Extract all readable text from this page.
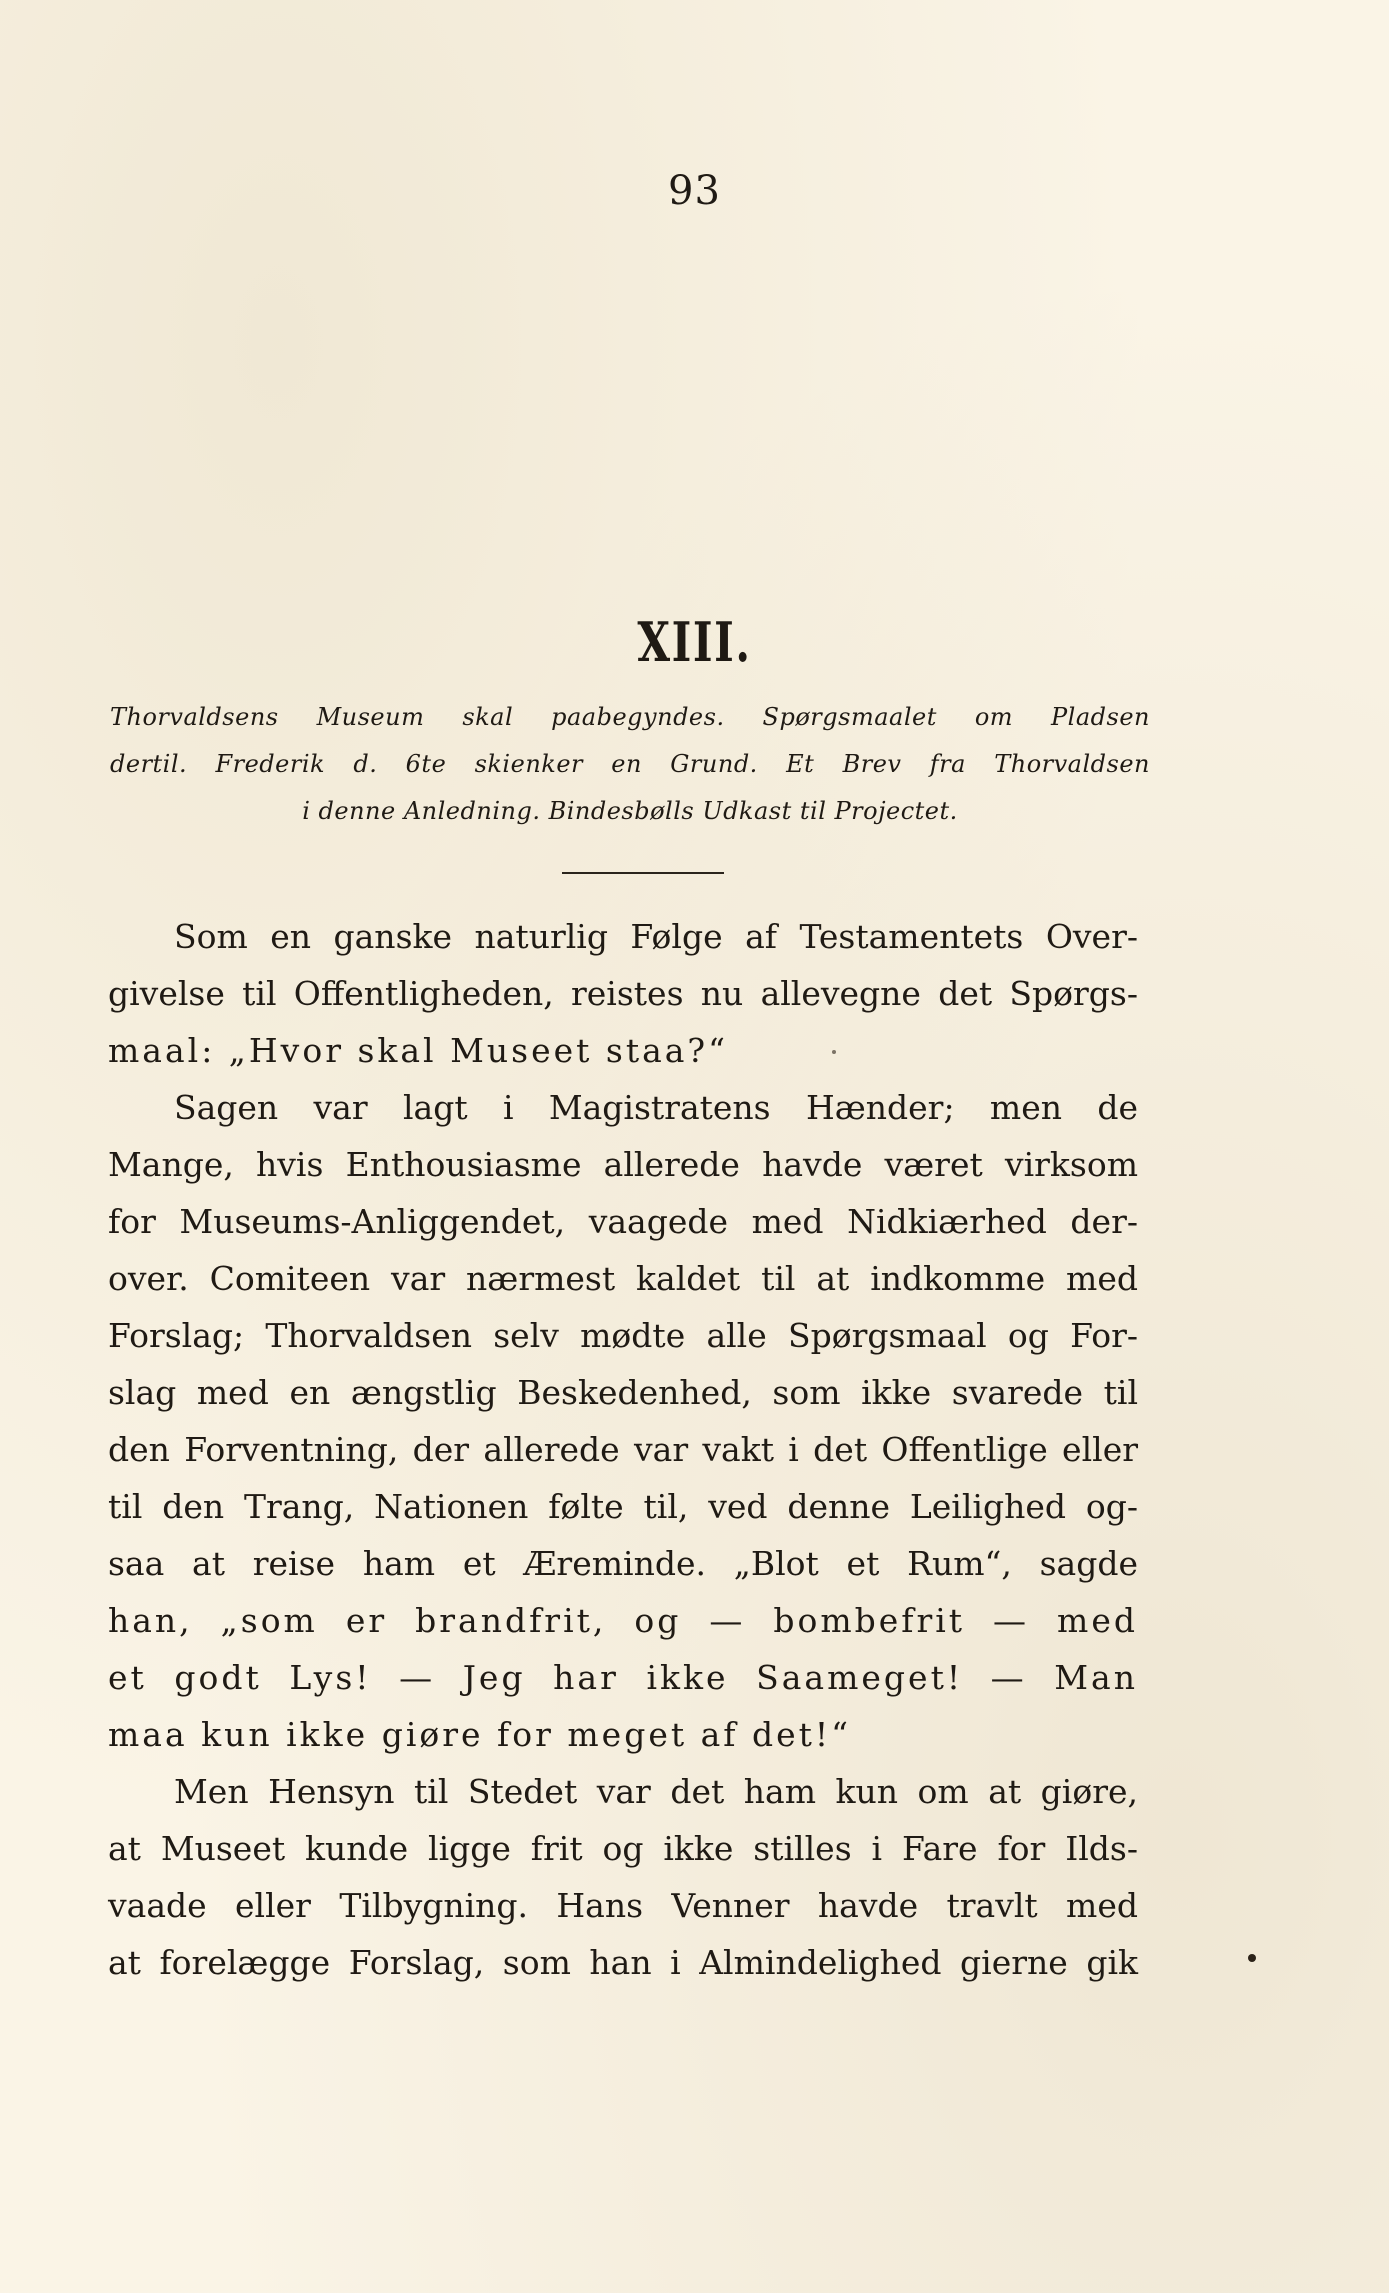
93
XIII.
Thorvaldsens Museum skal paabegyndes. Spørgsmaalet om Pladsen
dertil. Frederik d. 6te skienker en Grund. Et Brev fra Thorvaldsen
i denne Anledning. Bindesbølls Udkast til Projectet.
Som en ganske naturlig Følge af Testamentets Over-
givelse til Offentligheden, reistes nu allevegne det Spørgs-
maal: „Hvor skal Museet staa?“
Sagen var lagt i Magistratens Hænder; men de
Mange, hvis Enthousiasme allerede havde været virksom
for Museums-Anliggendet, vaagede med Nidkiærhed der-
over. Comiteen var nærmest kaldet til at indkomme med
Forslag; Thorvaldsen selv mødte alle Spørgsmaal og For-
slag med en ængstlig Beskedenhed, som ikke svarede til
den Forventning, der allerede var vakt i det Offentlige eller
til den Trang, Nationen følte til, ved denne Leilighed og-
saa at reise ham et Æreminde. „Blot et Rum“, sagde
han, „som er brandfrit, og — bombefrit — med
et godt Lys! — Jeg har ikke Saameget! — Man
maa kun ikke giøre for meget af det!“
Men Hensyn til Stedet var det ham kun om at giøre,
at Museet kunde ligge frit og ikke stilles i Fare for Ilds-
vaade eller Tilbygning. Hans Venner havde travlt med
at forelægge Forslag, som han i Almindelighed gierne gik
